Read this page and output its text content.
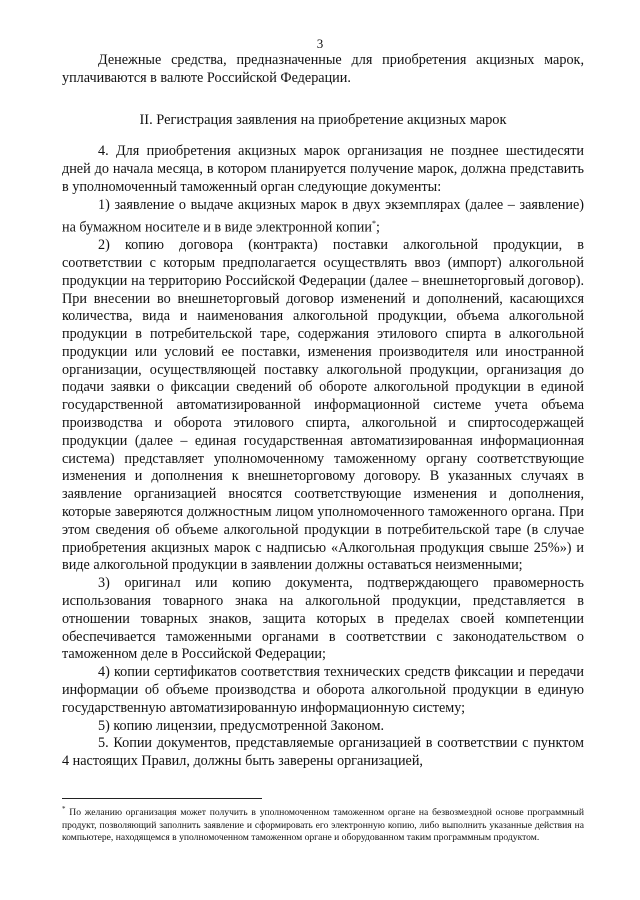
3

Денежные средства, предназначенные для приобретения акцизных марок, уплачиваются в валюте Российской Федерации.

II. Регистрация заявления на приобретение акцизных марок

4. Для приобретения акцизных марок организация не позднее шестидесяти дней до начала месяца, в котором планируется получение марок, должна представить в уполномоченный таможенный орган следующие документы:

1) заявление о выдаче акцизных марок в двух экземплярах (далее – заявление) на бумажном носителе и в виде электронной копии*;

2) копию договора (контракта) поставки алкогольной продукции, в соответствии с которым предполагается осуществлять ввоз (импорт) алкогольной продукции на территорию Российской Федерации (далее – внешнеторговый договор). При внесении во внешнеторговый договор изменений и дополнений, касающихся количества, вида и наименования алкогольной продукции, объема алкогольной продукции в потребительской таре, содержания этилового спирта в алкогольной продукции или условий ее поставки, изменения производителя или иностранной организации, осуществляющей поставку алкогольной продукции, организация до подачи заявки о фиксации сведений об обороте алкогольной продукции в единой государственной автоматизированной информационной системе учета объема производства и оборота этилового спирта, алкогольной и спиртосодержащей продукции (далее – единая государственная автоматизированная информационная система) представляет уполномоченному таможенному органу соответствующие изменения и дополнения к внешнеторговому договору. В указанных случаях в заявление организацией вносятся соответствующие изменения и дополнения, которые заверяются должностным лицом уполномоченного таможенного органа. При этом сведения об объеме алкогольной продукции в потребительской таре (в случае приобретения акцизных марок с надписью «Алкогольная продукция свыше 25%») и виде алкогольной продукции в заявлении должны оставаться неизменными;

3) оригинал или копию документа, подтверждающего правомерность использования товарного знака на алкогольной продукции, представляется в отношении товарных знаков, защита которых в пределах своей компетенции обеспечивается таможенными органами в соответствии с законодательством о таможенном деле в Российской Федерации;

4) копии сертификатов соответствия технических средств фиксации и передачи информации об объеме производства и оборота алкогольной продукции в единую государственную автоматизированную информационную систему;

5) копию лицензии, предусмотренной Законом.

5. Копии документов, представляемые организацией в соответствии с пунктом 4 настоящих Правил, должны быть заверены организацией,

* По желанию организация может получить в уполномоченном таможенном органе на безвозмездной основе программный продукт, позволяющий заполнить заявление и сформировать его электронную копию, либо выполнить указанные действия на компьютере, находящемся в уполномоченном таможенном органе и оборудованном таким программным продуктом.
